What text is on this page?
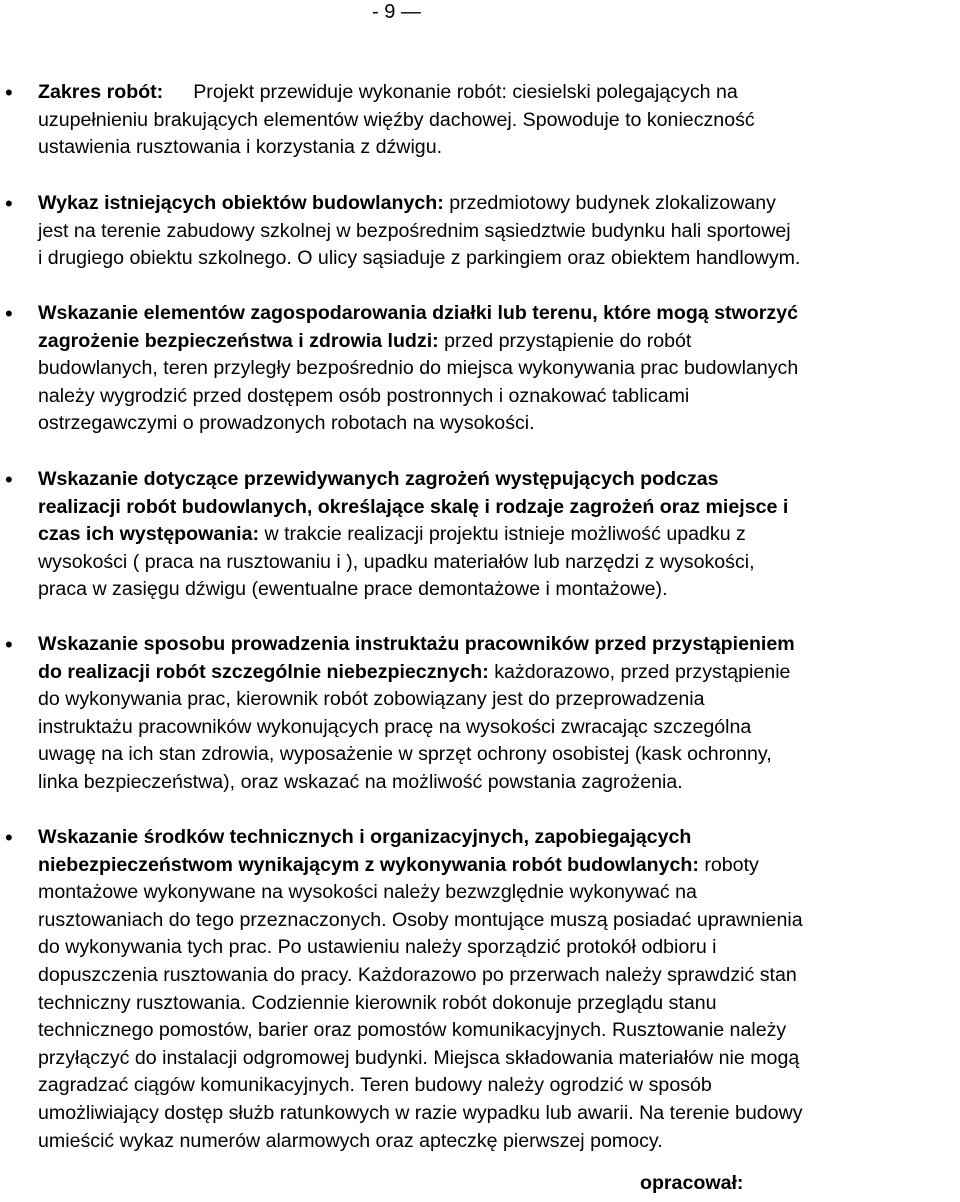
- 9 —
• Zakres robót: Projekt przewiduje wykonanie robót: ciesielski polegających na
uzupełnieniu brakujących elementów więźby dachowej. Spowoduje to konieczność
ustawienia rusztowania i korzystania z dźwigu.
• Wykaz istniejących obiektów budowlanych: przedmiotowy budynek zlokalizowany
jest na terenie zabudowy szkolnej w bezpośrednim sąsiedztwie budynku hali sportowej
i drugiego obiektu szkolnego. O ulicy sąsiaduje z parkingiem oraz obiektem handlowym.
• Wskazanie elementów zagospodarowania działki lub terenu, które mogą stworzyć
zagrożenie bezpieczeństwa i zdrowia ludzi: przed przystąpienie do robót
budowlanych, teren przyległy bezpośrednio do miejsca wykonywania prac budowlanych
należy wygrodzić przed dostępem osób postronnych i oznakować tablicami
ostrzegawczymi o prowadzonych robotach na wysokości.
• Wskazanie dotyczące przewidywanych zagrożeń występujących podczas
realizacji robót budowlanych, określające skalę i rodzaje zagrożeń oraz miejsce i
czas ich występowania: w trakcie realizacji projektu istnieje możliwość upadku z
wysokości ( praca na rusztowaniu i ), upadku materiałów lub narzędzi z wysokości,
praca w zasięgu dźwigu (ewentualne prace demontażowe i montażowe).
• Wskazanie sposobu prowadzenia instruktażu pracowników przed przystąpieniem
do realizacji robót szczególnie niebezpiecznych: każdorazowo, przed przystąpienie
do wykonywania prac, kierownik robót zobowiązany jest do przeprowadzenia
instruktażu pracowników wykonujących pracę na wysokości zwracając szczególna
uwagę na ich stan zdrowia, wyposażenie w sprzęt ochrony osobistej (kask ochronny,
linka bezpieczeństwa), oraz wskazać na możliwość powstania zagrożenia.
• Wskazanie środków technicznych i organizacyjnych, zapobiegających
niebezpieczeństwom wynikającym z wykonywania robót budowlanych: roboty
montażowe wykonywane na wysokości należy bezwzględnie wykonywać na
rusztowaniach do tego przeznaczonych. Osoby montujące muszą posiadać uprawnienia
do wykonywania tych prac. Po ustawieniu należy sporządzić protokół odbioru i
dopuszczenia rusztowania do pracy. Każdorazowo po przerwach należy sprawdzić stan
techniczny rusztowania. Codziennie kierownik robót dokonuje przeglądu stanu
technicznego pomostów, barier oraz pomostów komunikacyjnych. Rusztowanie należy
przyłączyć do instalacji odgromowej budynki. Miejsca składowania materiałów nie mogą
zagradzać ciągów komunikacyjnych. Teren budowy należy ogrodzić w sposób
umożliwiający dostęp służb ratunkowych w razie wypadku lub awarii. Na terenie budowy
umieścić wykaz numerów alarmowych oraz apteczkę pierwszej pomocy.
opracował:
